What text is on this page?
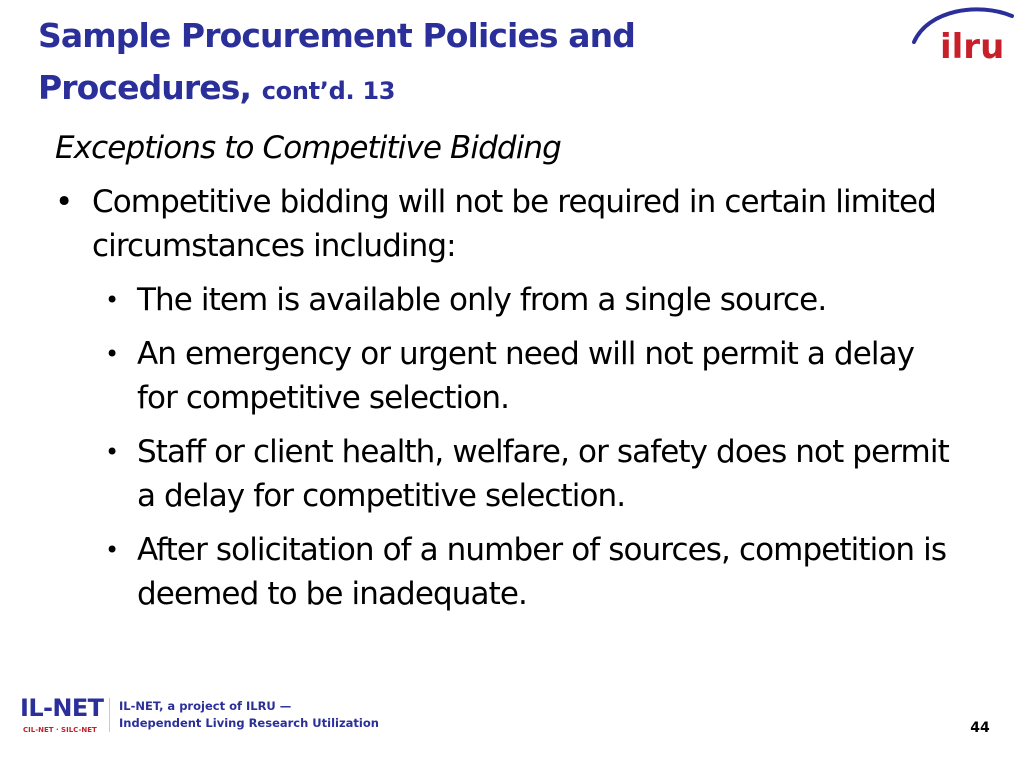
Sample Procurement Policies and
Procedures, cont’d. 13
ilru
Exceptions to Competitive Bidding
• Competitive bidding will not be required in certain limited circumstances including:
• The item is available only from a single source.
• An emergency or urgent need will not permit a delay for competitive selection.
• Staff or client health, welfare, or safety does not permit a delay for competitive selection.
• After solicitation of a number of sources, competition is deemed to be inadequate.
IL-NET
CIL-NET · SILC-NET
IL-NET, a project of ILRU —
Independent Living Research Utilization	44
